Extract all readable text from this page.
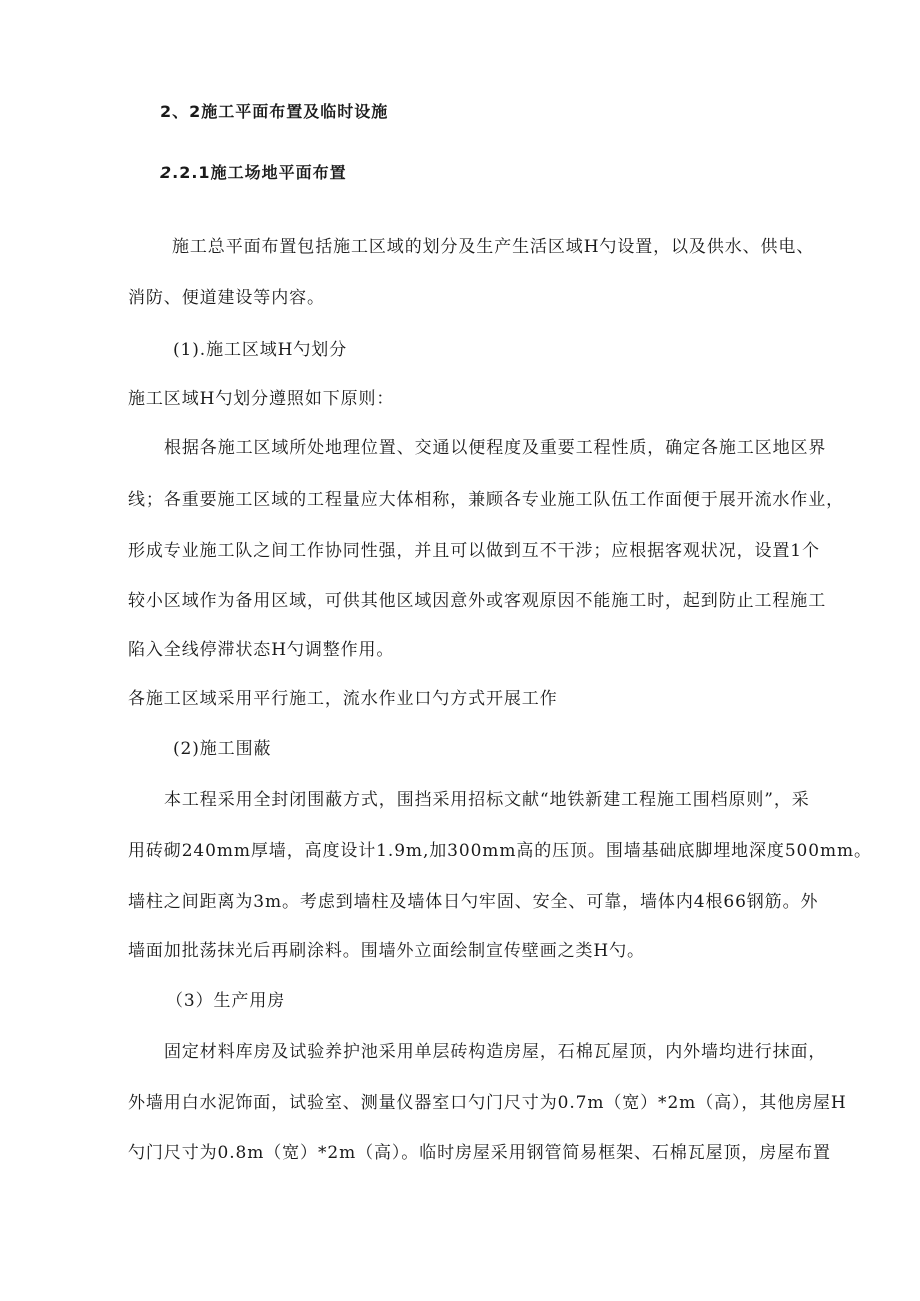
2、2施工平面布置及临时设施
2.2.1施工场地平面布置
施工总平面布置包括施工区域的划分及生产生活区域H勺设置，以及供水、供电、
消防、便道建设等内容。
(1).施工区域H勺划分
施工区域H勺划分遵照如下原则：
根据各施工区域所处地理位置、交通以便程度及重要工程性质，确定各施工区地区界
线；各重要施工区域的工程量应大体相称，兼顾各专业施工队伍工作面便于展开流水作业，
形成专业施工队之间工作协同性强，并且可以做到互不干涉；应根据客观状况，设置1个
较小区域作为备用区域，可供其他区域因意外或客观原因不能施工时，起到防止工程施工
陷入全线停滞状态H勺调整作用。
各施工区域采用平行施工，流水作业口勺方式开展工作
(2)施工围蔽
本工程采用全封闭围蔽方式，围挡采用招标文献“地铁新建工程施工围档原则”，采
用砖砌240mm厚墙，高度设计1.9m,加300mm高的压顶。围墙基础底脚埋地深度500mm。
墙柱之间距离为3m。考虑到墙柱及墙体日勺牢固、安全、可靠，墙体内4根66钢筋。外
墙面加批荡抹光后再刷涂料。围墙外立面绘制宣传壁画之类H勺。
（3）生产用房
固定材料库房及试验养护池采用单层砖构造房屋，石棉瓦屋顶，内外墙均进行抹面，
外墙用白水泥饰面，试验室、测量仪器室口勺门尺寸为0.7m（宽）*2m（高），其他房屋H
勺门尺寸为0.8m（宽）*2m（高）。临时房屋采用钢管简易框架、石棉瓦屋顶，房屋布置
